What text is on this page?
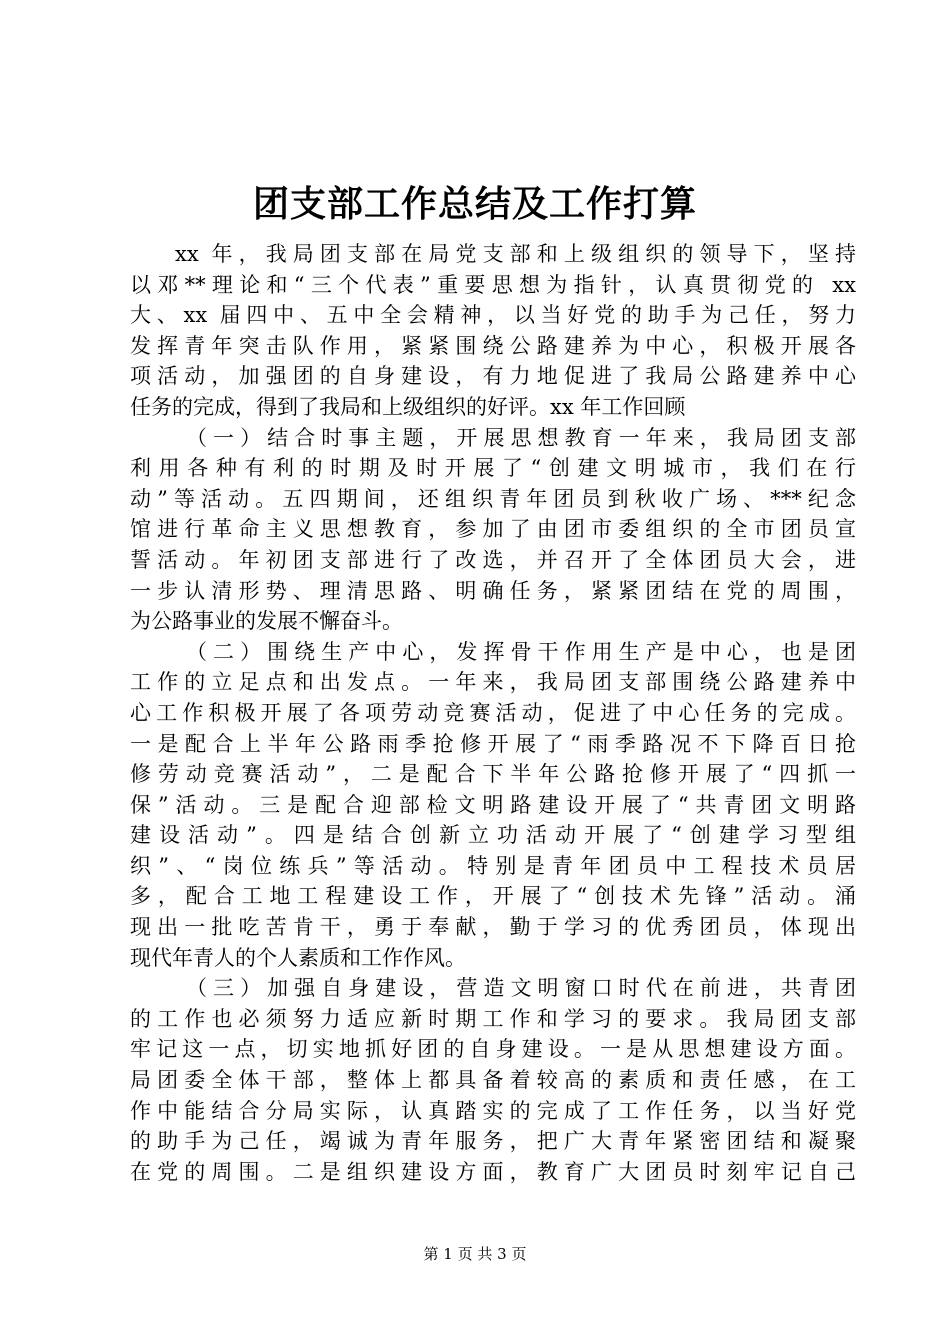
团支部工作总结及工作打算
xx 年，我局团支部在局党支部和上级组织的领导下，坚持
以邓**理论和“三个代表”重要思想为指针，认真贯彻党的 xx
大、xx 届四中、五中全会精神，以当好党的助手为己任，努力
发挥青年突击队作用，紧紧围绕公路建养为中心，积极开展各
项活动，加强团的自身建设，有力地促进了我局公路建养中心
任务的完成，得到了我局和上级组织的好评。xx 年工作回顾
（一）结合时事主题，开展思想教育一年来，我局团支部
利用各种有利的时期及时开展了“创建文明城市，我们在行
动”等活动。五四期间，还组织青年团员到秋收广场、***纪念
馆进行革命主义思想教育，参加了由团市委组织的全市团员宣
誓活动。年初团支部进行了改选，并召开了全体团员大会，进
一步认清形势、理清思路、明确任务，紧紧团结在党的周围，
为公路事业的发展不懈奋斗。
（二）围绕生产中心，发挥骨干作用生产是中心，也是团
工作的立足点和出发点。一年来，我局团支部围绕公路建养中
心工作积极开展了各项劳动竞赛活动，促进了中心任务的完成。
一是配合上半年公路雨季抢修开展了“雨季路况不下降百日抢
修劳动竞赛活动”，二是配合下半年公路抢修开展了“四抓一
保”活动。三是配合迎部检文明路建设开展了“共青团文明路
建设活动”。四是结合创新立功活动开展了“创建学习型组
织”、“岗位练兵”等活动。特别是青年团员中工程技术员居
多，配合工地工程建设工作，开展了“创技术先锋”活动。涌
现出一批吃苦肯干，勇于奉献，勤于学习的优秀团员，体现出
现代年青人的个人素质和工作作风。
（三）加强自身建设，营造文明窗口时代在前进，共青团
的工作也必须努力适应新时期工作和学习的要求。我局团支部
牢记这一点，切实地抓好团的自身建设。一是从思想建设方面。
局团委全体干部，整体上都具备着较高的素质和责任感，在工
作中能结合分局实际，认真踏实的完成了工作任务，以当好党
的助手为己任，竭诚为青年服务，把广大青年紧密团结和凝聚
在党的周围。二是组织建设方面，教育广大团员时刻牢记自己
第 1 页 共 3 页
